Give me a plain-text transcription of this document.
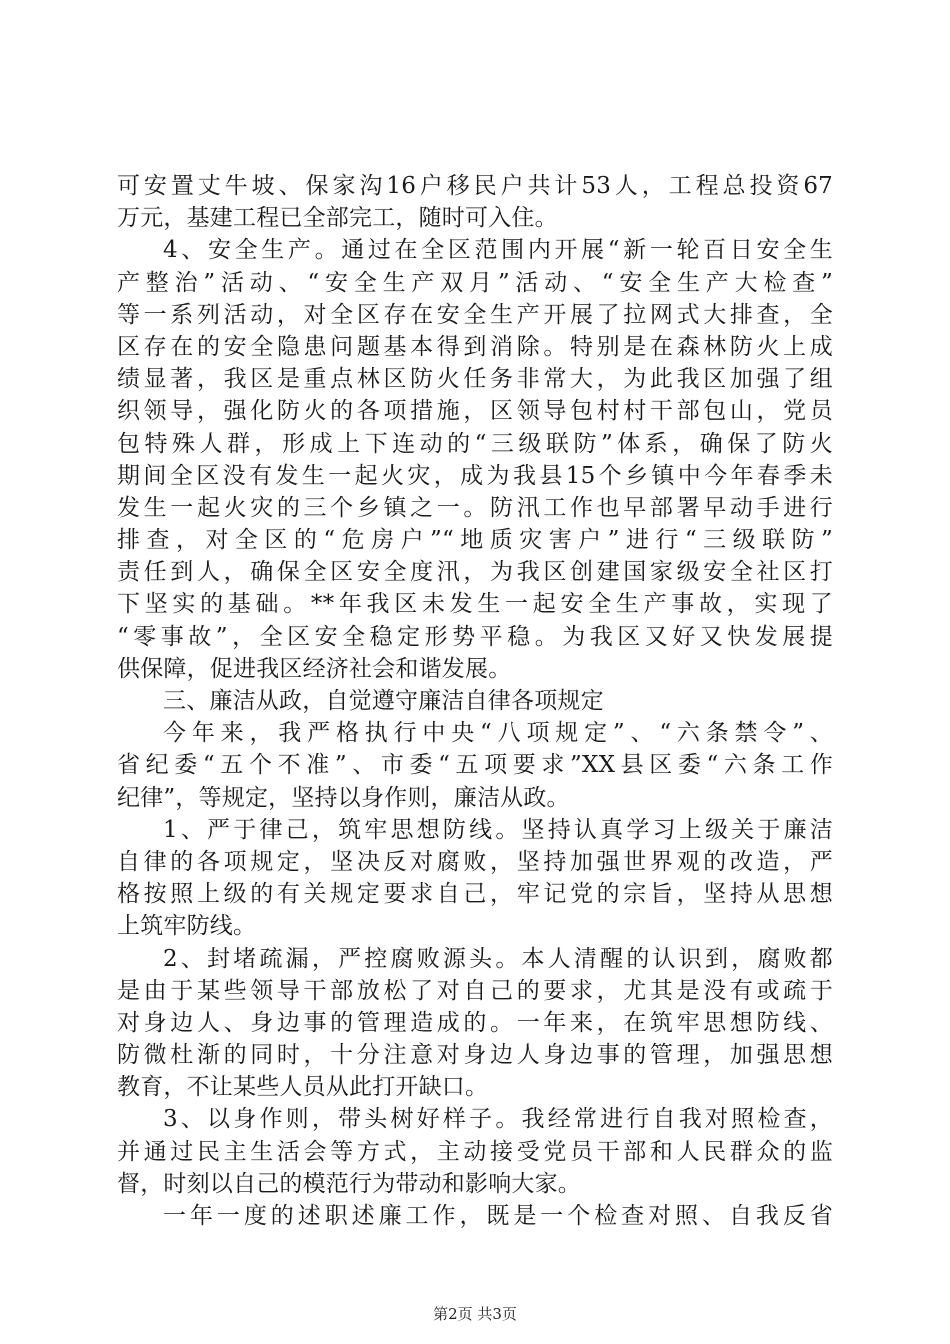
可安置丈牛坡、保家沟16户移民户共计53人，工程总投资67
万元，基建工程已全部完工，随时可入住。
4、安全生产。通过在全区范围内开展“新一轮百日安全生
产整治”活动、“安全生产双月”活动、“安全生产大检查”
等一系列活动，对全区存在安全生产开展了拉网式大排查，全
区存在的安全隐患问题基本得到消除。特别是在森林防火上成
绩显著，我区是重点林区防火任务非常大，为此我区加强了组
织领导，强化防火的各项措施，区领导包村村干部包山，党员
包特殊人群，形成上下连动的“三级联防”体系，确保了防火
期间全区没有发生一起火灾，成为我县15个乡镇中今年春季未
发生一起火灾的三个乡镇之一。防汛工作也早部署早动手进行
排查，对全区的“危房户”“地质灾害户”进行“三级联防”
责任到人，确保全区安全度汛，为我区创建国家级安全社区打
下坚实的基础。**年我区未发生一起安全生产事故，实现了
“零事故”，全区安全稳定形势平稳。为我区又好又快发展提
供保障，促进我区经济社会和谐发展。
三、廉洁从政，自觉遵守廉洁自律各项规定
今年来，我严格执行中央“八项规定”、“六条禁令”、
省纪委“五个不准”、市委“五项要求”XX县区委“六条工作
纪律”，等规定，坚持以身作则，廉洁从政。
1、严于律己，筑牢思想防线。坚持认真学习上级关于廉洁
自律的各项规定，坚决反对腐败，坚持加强世界观的改造，严
格按照上级的有关规定要求自己，牢记党的宗旨，坚持从思想
上筑牢防线。
2、封堵疏漏，严控腐败源头。本人清醒的认识到，腐败都
是由于某些领导干部放松了对自己的要求，尤其是没有或疏于
对身边人、身边事的管理造成的。一年来，在筑牢思想防线、
防微杜渐的同时，十分注意对身边人身边事的管理，加强思想
教育，不让某些人员从此打开缺口。
3、以身作则，带头树好样子。我经常进行自我对照检查，
并通过民主生活会等方式，主动接受党员干部和人民群众的监
督，时刻以自己的模范行为带动和影响大家。
一年一度的述职述廉工作，既是一个检查对照、自我反省
第2页 共3页
